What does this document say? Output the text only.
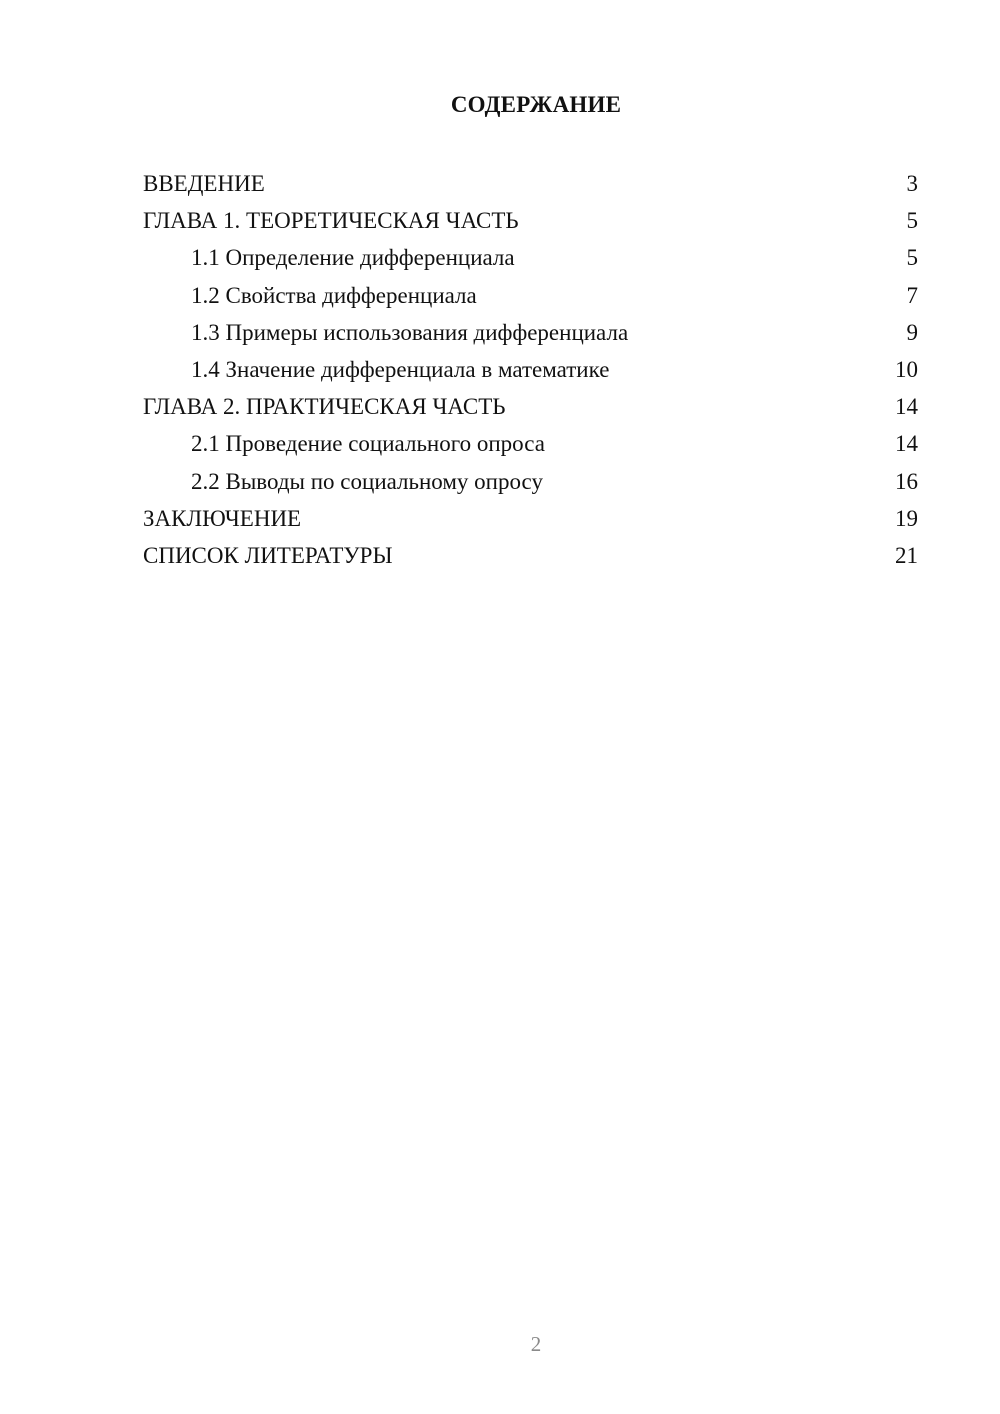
СОДЕРЖАНИЕ
ВВЕДЕНИЕ	3
ГЛАВА 1. ТЕОРЕТИЧЕСКАЯ ЧАСТЬ	5
1.1 Определение дифференциала	5
1.2 Свойства дифференциала	7
1.3 Примеры использования дифференциала	9
1.4 Значение дифференциала в математике	10
ГЛАВА 2. ПРАКТИЧЕСКАЯ ЧАСТЬ	14
2.1 Проведение социального опроса	14
2.2 Выводы по социальному опросу	16
ЗАКЛЮЧЕНИЕ	19
СПИСОК ЛИТЕРАТУРЫ	21
2
